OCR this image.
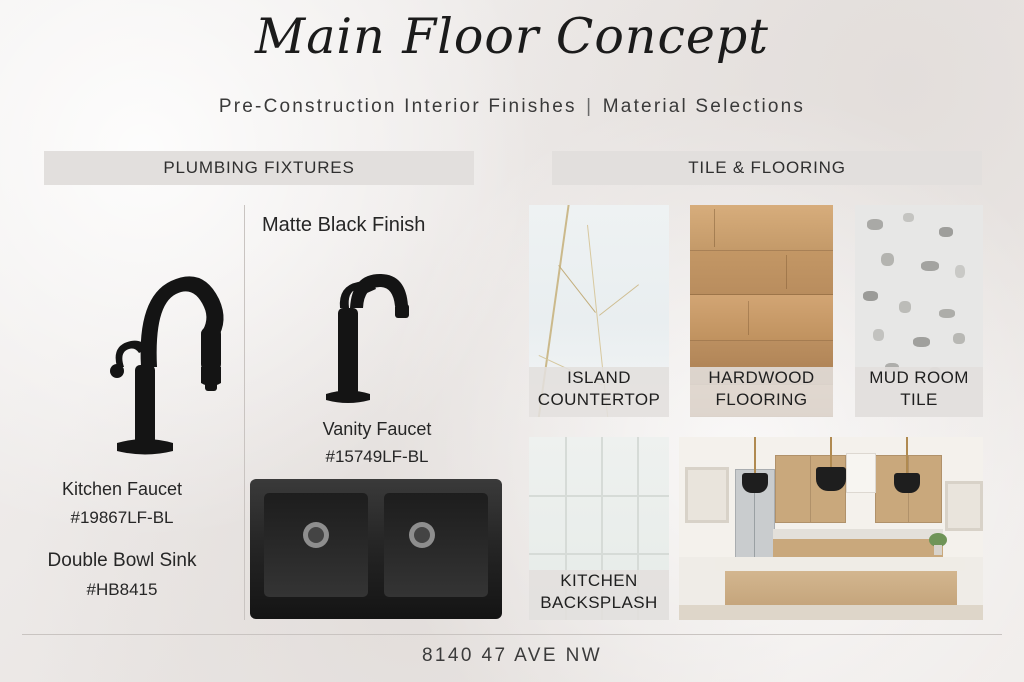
Main Floor Concept
Pre-Construction Interior Finishes | Material Selections
PLUMBING FIXTURES	TILE & FLOORING
Kitchen Faucet
#19867LF-BL
Double Bowl Sink
#HB8415
Matte Black Finish
Vanity Faucet
#15749LF-BL
ISLAND
COUNTERTOP
HARDWOOD
FLOORING
MUD ROOM
TILE
KITCHEN
BACKSPLASH
8140 47 AVE NW
